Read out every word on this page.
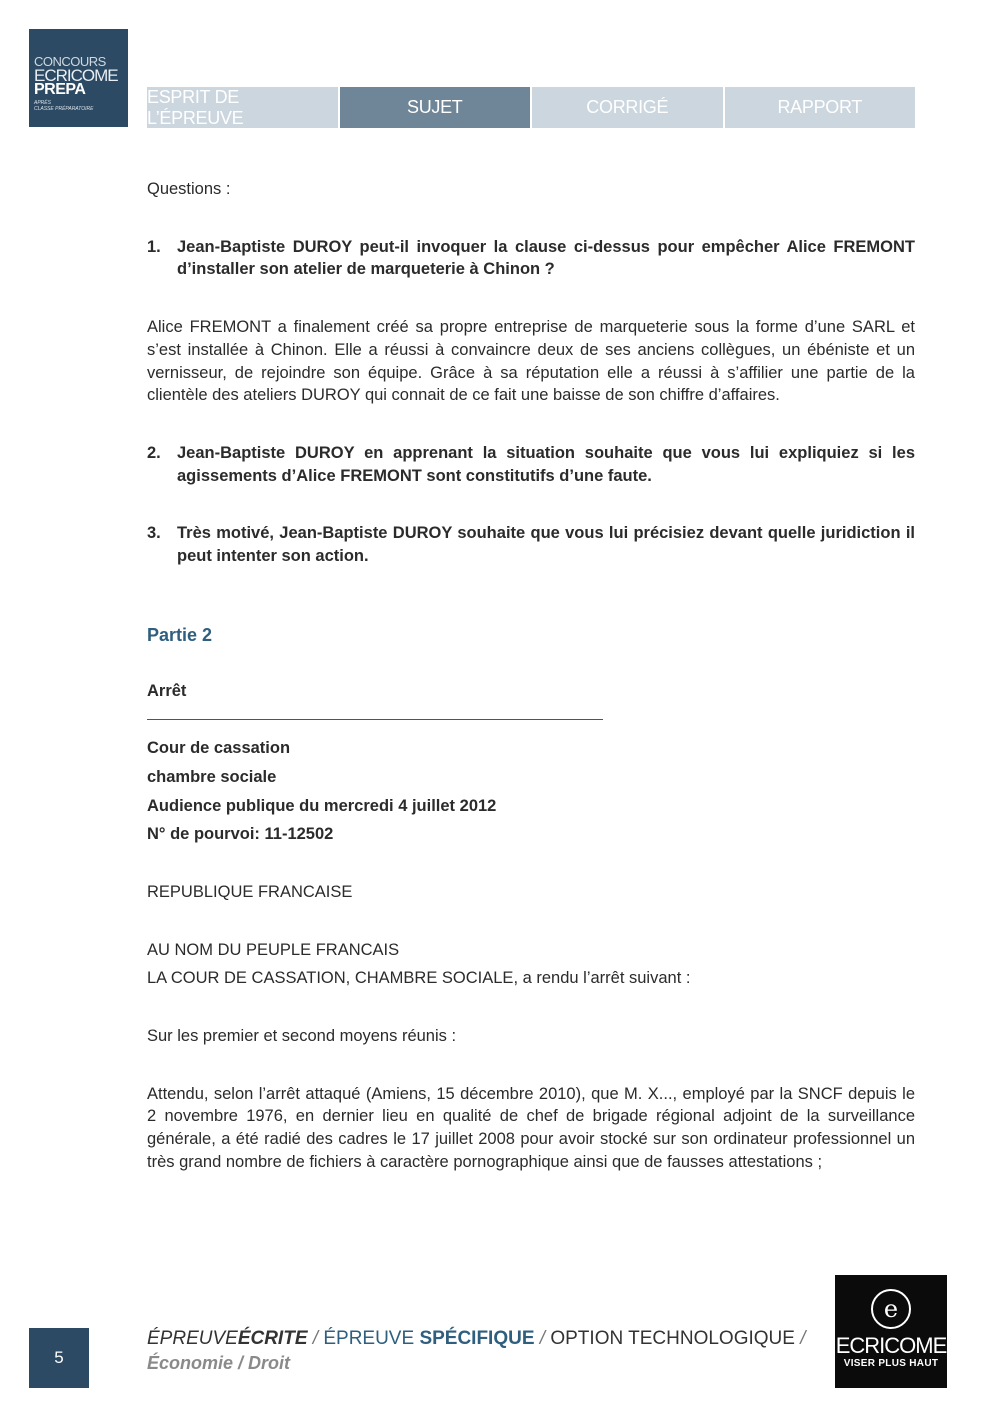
CONCOURS
ECRICOME
PREPA
APRÈS
CLASSE PRÉPARATOIRE
ESPRIT DE L’ÉPREUVE
SUJET	CORRIGÉ	RAPPORT

Questions :

1. Jean-Baptiste DUROY peut-il invoquer la clause ci-dessus pour empêcher Alice FREMONT d’installer son atelier de marqueterie à Chinon ?

Alice FREMONT a finalement créé sa propre entreprise de marqueterie sous la forme d’une SARL et s’est installée à Chinon. Elle a réussi à convaincre deux de ses anciens collègues, un ébéniste et un vernisseur, de rejoindre son équipe. Grâce à sa réputation elle a réussi à s’affilier une partie de la clientèle des ateliers DUROY qui connait de ce fait une baisse de son chiffre d’affaires.

2. Jean-Baptiste DUROY en apprenant la situation souhaite que vous lui expliquiez si les agissements d’Alice FREMONT sont constitutifs d’une faute.
3. Très motivé, Jean-Baptiste DUROY souhaite que vous lui précisiez devant quelle juridiction il peut intenter son action.

Partie 2

Arrêt

Cour de cassation

chambre sociale

Audience publique du mercredi 4 juillet 2012

N° de pourvoi: 11-12502

REPUBLIQUE FRANCAISE

AU NOM DU PEUPLE FRANCAIS

LA COUR DE CASSATION, CHAMBRE SOCIALE, a rendu l’arrêt suivant :

Sur les premier et second moyens réunis :

Attendu, selon l’arrêt attaqué (Amiens, 15 décembre 2010), que M. X..., employé par la SNCF depuis le 2 novembre 1976, en dernier lieu en qualité de chef de brigade régional adjoint de la surveillance générale, a été radié des cadres le 17 juillet 2008 pour avoir stocké sur son ordinateur professionnel un très grand nombre de fichiers à caractère pornographique ainsi que de fausses attestations ;

5
ÉPREUVEÉCRITE / ÉPREUVE SPÉCIFIQUE / OPTION TECHNOLOGIQUE /
Économie / Droit
e
ECRICOME
VISER PLUS HAUT
